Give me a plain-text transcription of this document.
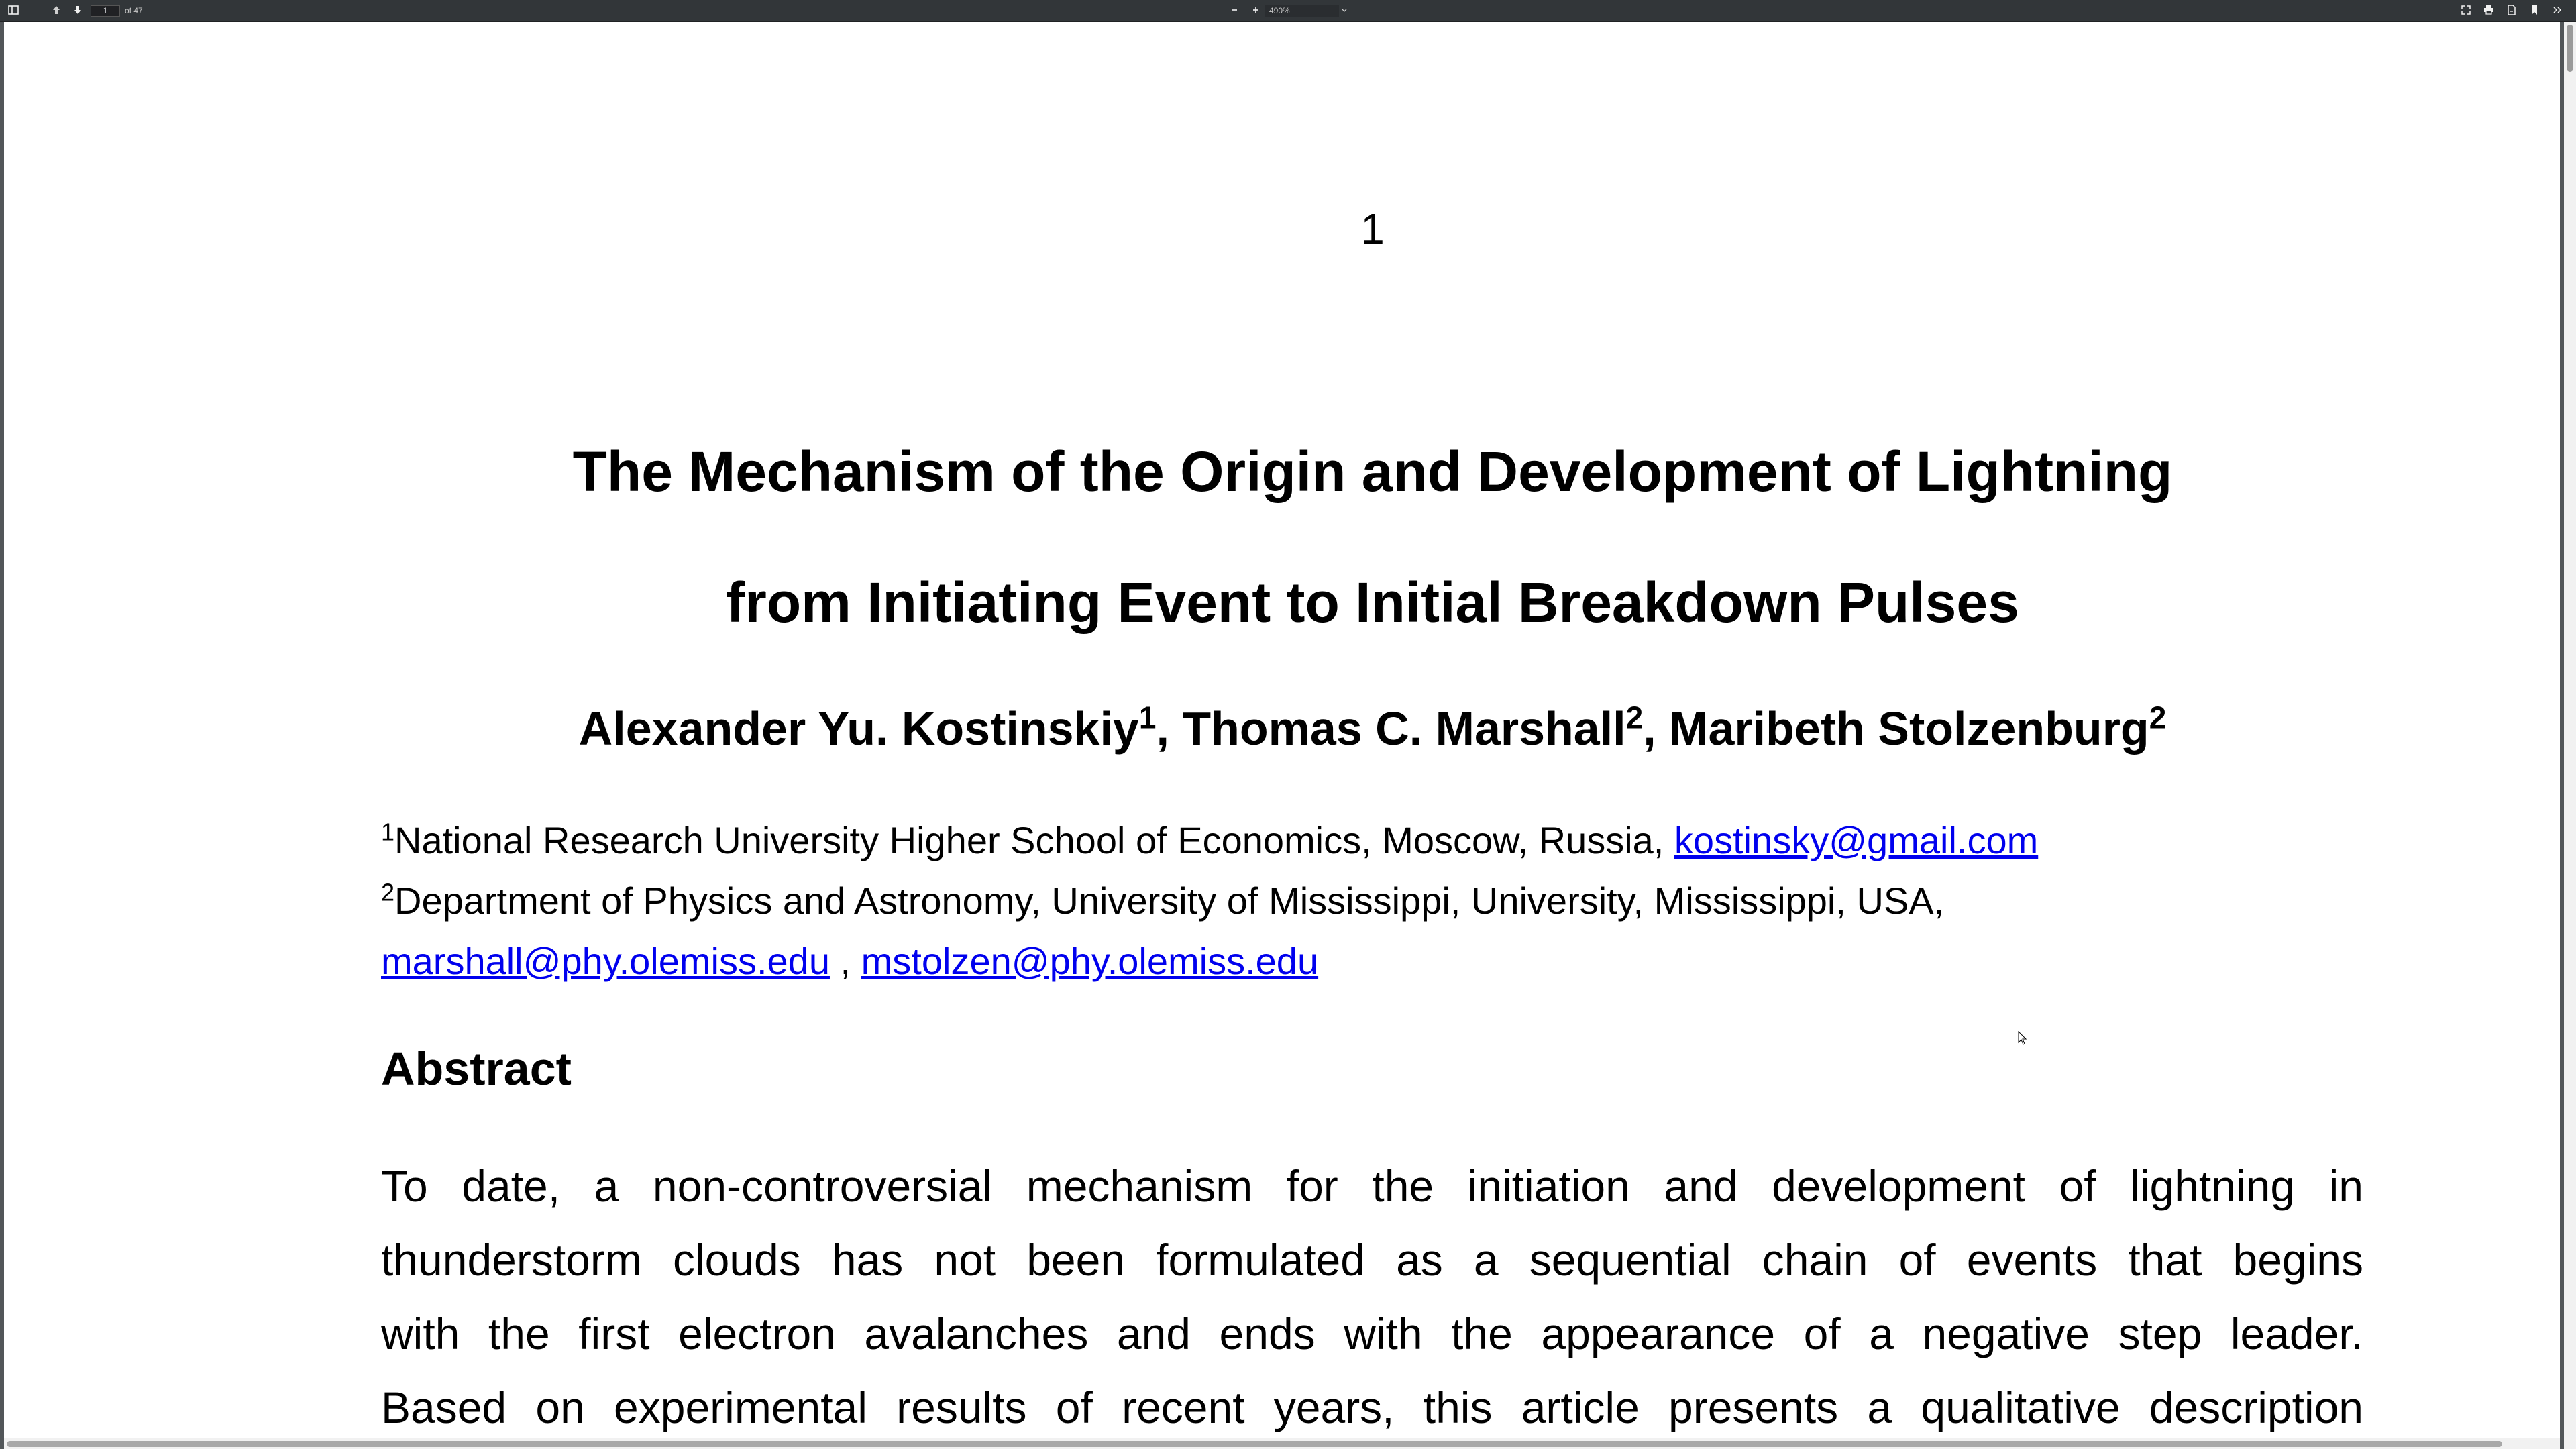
1
of 47	490%
1
The Mechanism of the Origin and Development of Lightning
from Initiating Event to Initial Breakdown Pulses
Alexander Yu. Kostinskiy$^1$, Thomas C. Marshall$^2$, Maribeth Stolzenburg$^2$
$^1$National Research University Higher School of Economics, Moscow, Russia, kostinsky@gmail.com
$^2$Department of Physics and Astronomy, University of Mississippi, University, Mississippi, USA,
marshall@phy.olemiss.edu , mstolzen@phy.olemiss.edu
Abstract
To date, a non-controversial mechanism for the initiation and development of lightning in
thunderstorm clouds has not been formulated as a sequential chain of events that begins
with the first electron avalanches and ends with the appearance of a negative step leader.
Based on experimental results of recent years, this article presents a qualitative description
